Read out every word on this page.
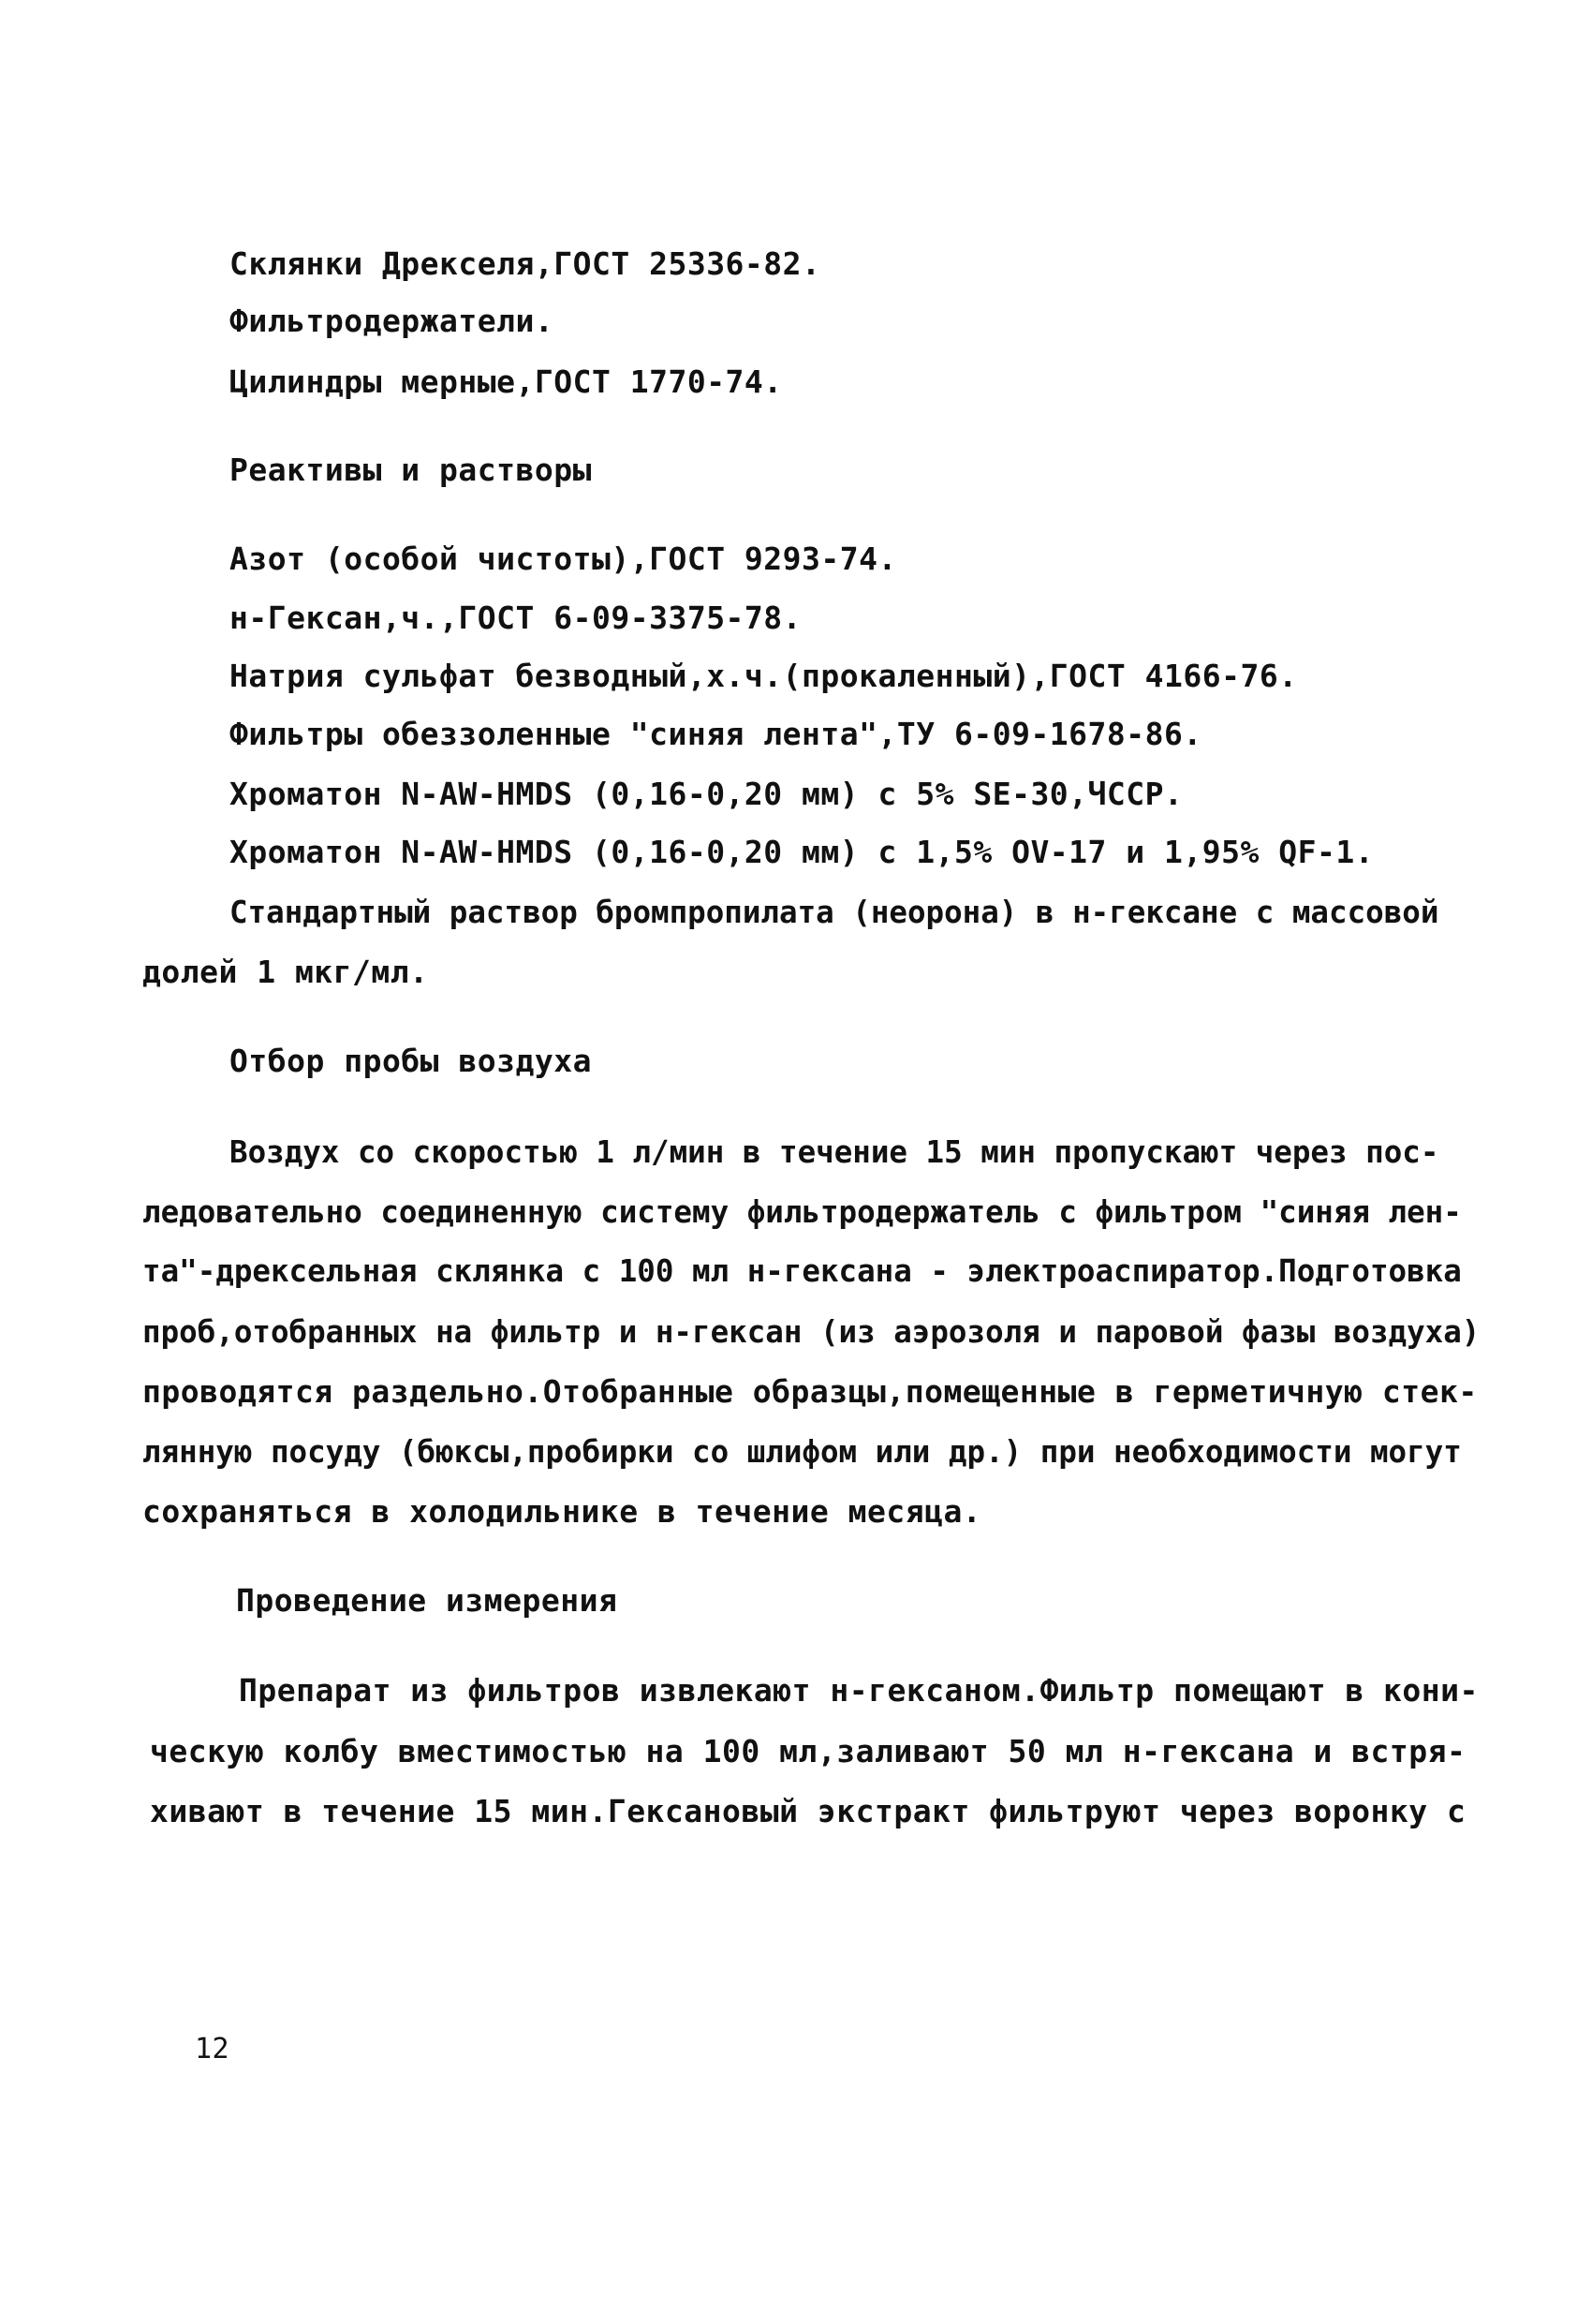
Склянки Дрекселя,ГОСТ 25336-82.
Фильтродержатели.
Цилиндры мерные,ГОСТ 1770-74.
Реактивы и растворы
Азот (особой чистоты),ГОСТ 9293-74.
н-Гексан,ч.,ГОСТ 6-09-3375-78.
Натрия сульфат безводный,х.ч.(прокаленный),ГОСТ 4166-76.
Фильтры обеззоленные "синяя лента",ТУ 6-09-1678-86.
Хроматон N-AW-HMDS (0,16-0,20 мм) с 5% SE-30,ЧССР.
Хроматон N-AW-HMDS (0,16-0,20 мм) с 1,5% OV-17 и 1,95% QF-1.
Стандартный раствор бромпропилата (неорона) в н-гексане с массовой
долей 1 мкг/мл.
Отбор пробы воздуха
Воздух со скоростью 1 л/мин в течение 15 мин пропускают через пос-
ледовательно соединенную систему фильтродержатель с фильтром "синяя лен-
та"-дрексельная склянка с 100 мл н-гексана - электроаспиратор.Подготовка
проб,отобранных на фильтр и н-гексан (из аэрозоля и паровой фазы воздуха)
проводятся раздельно.Отобранные образцы,помещенные в герметичную стек-
лянную посуду (бюксы,пробирки со шлифом или др.) при необходимости могут
сохраняться в холодильнике в течение месяца.
Проведение измерения
Препарат из фильтров извлекают н-гексаном.Фильтр помещают в кони-
ческую колбу вместимостью на 100 мл,заливают 50 мл н-гексана и встря-
хивают в течение 15 мин.Гексановый экстракт фильтруют через воронку с
12
